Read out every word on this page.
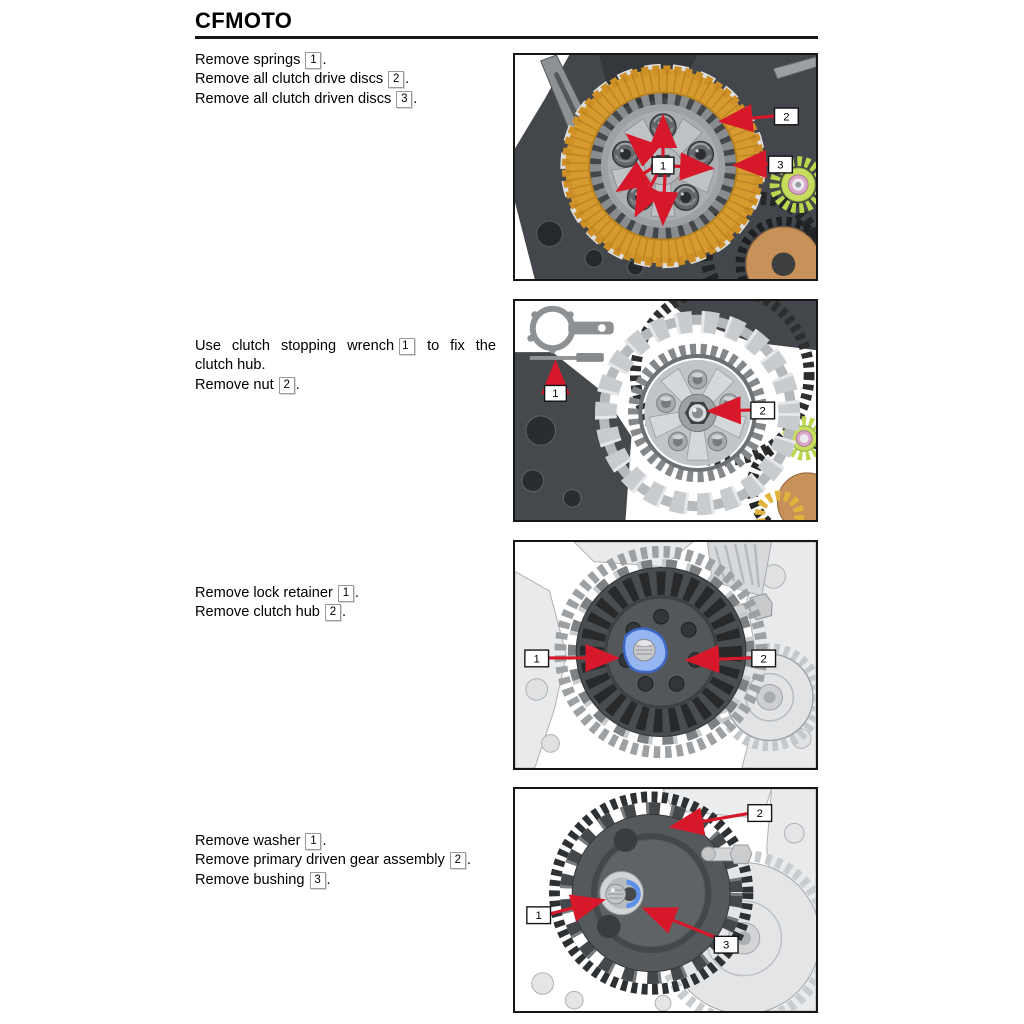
CFMOTO
Remove springs 1 .
Remove all clutch drive discs 2 .
Remove all clutch driven discs 3 .
Use clutch stopping wrench 1 to fix the
clutch hub.
Remove nut 2 .
Remove lock retainer 1 .
Remove clutch hub 2 .
Remove washer 1 .
Remove primary driven gear assembly 2 .
Remove bushing 3 .
1
2
3
1
2
1	2
1
2
3
